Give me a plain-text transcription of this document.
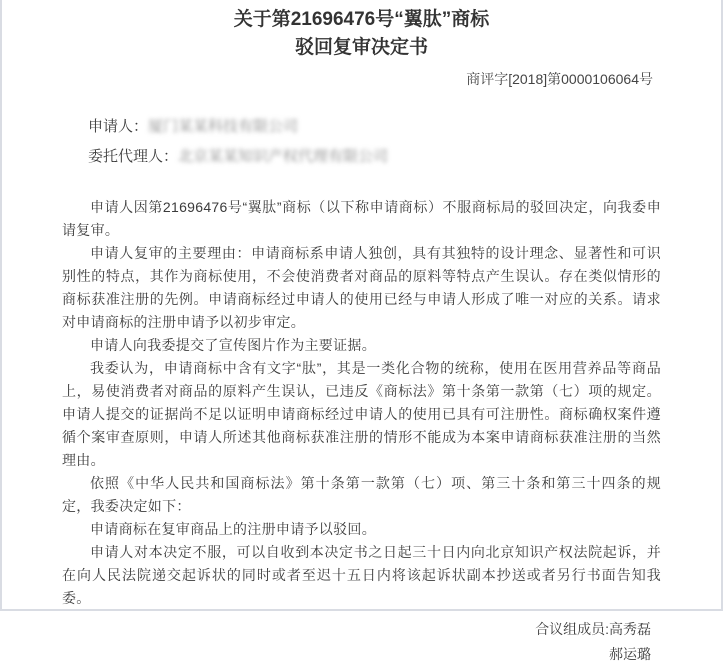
关于第21696476号“翼肽”商标
驳回复审决定书
商评字[2018]第0000106064号
申请人：厦门某某科技有限公司
委托代理人：北京某某知识产权代理有限公司

申请人因第21696476号“翼肽”商标（以下称申请商标）不服商标局的驳回决定，向我委申请复审。

申请人复审的主要理由：申请商标系申请人独创，具有其独特的设计理念、显著性和可识别性的特点，其作为商标使用，不会使消费者对商品的原料等特点产生误认。存在类似情形的商标获准注册的先例。申请商标经过申请人的使用已经与申请人形成了唯一对应的关系。请求对申请商标的注册申请予以初步审定。

申请人向我委提交了宣传图片作为主要证据。

我委认为，申请商标中含有文字“肽”，其是一类化合物的统称，使用在医用营养品等商品上，易使消费者对商品的原料产生误认，已违反《商标法》第十条第一款第（七）项的规定。申请人提交的证据尚不足以证明申请商标经过申请人的使用已具有可注册性。商标确权案件遵循个案审查原则，申请人所述其他商标获准注册的情形不能成为本案申请商标获准注册的当然理由。

依照《中华人民共和国商标法》第十条第一款第（七）项、第三十条和第三十四条的规定，我委决定如下：

申请商标在复审商品上的注册申请予以驳回。

申请人对本决定不服，可以自收到本决定书之日起三十日内向北京知识产权法院起诉，并在向人民法院递交起诉状的同时或者至迟十五日内将该起诉状副本抄送或者另行书面告知我委。

合议组成员:高秀磊
郝运璐
